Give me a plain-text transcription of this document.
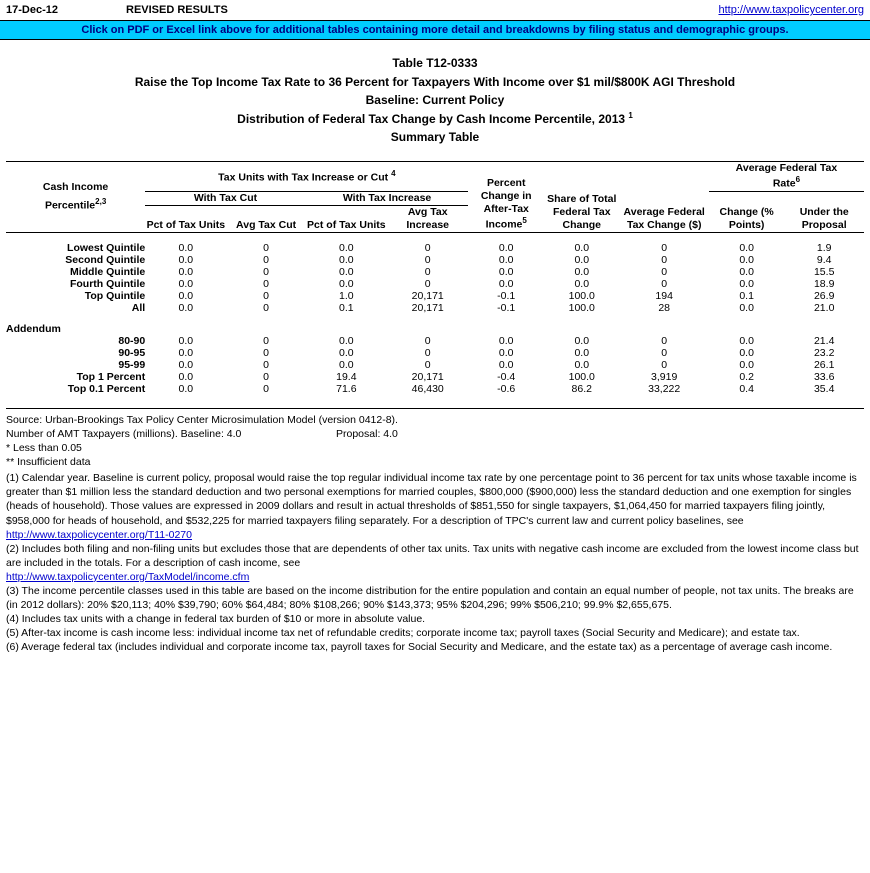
17-Dec-12	REVISED RESULTS	http://www.taxpolicycenter.org
Click on PDF or Excel link above for additional tables containing more detail and breakdowns by filing status and demographic groups.
Table T12-0333
Raise the Top Income Tax Rate to 36 Percent for Taxpayers With Income over $1 mil/$800K AGI Threshold
Baseline: Current Policy
Distribution of Federal Tax Change by Cash Income Percentile, 2013 $^1$
Summary Table
Cash Income
Percentile$^{2,3}$
	Tax Units with Tax Increase or Cut $^4$	
Percent Change in
After-Tax Income$^5$
	Share of Total Federal Tax Change	Average Federal Tax Change ($)	Average Federal Tax
Rate$^6$
	With Tax Cut		With Tax Increase						
	Pct of Tax Units	Avg Tax Cut	Pct of Tax Units	Avg Tax Increase				Change (% Points)	Under the Proposal

Lowest Quintile	0.0	0	0.0	0	0.0	0.0	0	0.0	1.9
Second Quintile	0.0	0	0.0	0	0.0	0.0	0	0.0	9.4
Middle Quintile	0.0	0	0.0	0	0.0	0.0	0	0.0	15.5
Fourth Quintile	0.0	0	0.0	0	0.0	0.0	0	0.0	18.9
Top Quintile	0.0	0	1.0	20,171	-0.1	100.0	194	0.1	26.9
All	0.0	0	0.1	20,171	-0.1	100.0	28	0.0	21.0

Addendum									
80-90	0.0	0	0.0	0	0.0	0.0	0	0.0	21.4
90-95	0.0	0	0.0	0	0.0	0.0	0	0.0	23.2
95-99	0.0	0	0.0	0	0.0	0.0	0	0.0	26.1
Top 1 Percent	0.0	0	19.4	20,171	-0.4	100.0	3,919	0.2	33.6
Top 0.1 Percent	0.0	0	71.6	46,430	-0.6	86.2	33,222	0.4	35.4

Source: Urban-Brookings Tax Policy Center Microsimulation Model (version 0412-8).

Number of AMT Taxpayers (millions). Baseline: 4.0	Proposal: 4.0

* Less than 0.05

** Insufficient data

(1) Calendar year. Baseline is current policy, proposal would raise the top regular individual income tax rate by one percentage point to 36 percent for tax units whose taxable income is greater than $1 million less the standard deduction and two personal exemptions for married couples, $800,000 ($900,000) less the standard deduction and one exemption for singles (heads of household). Those values are expressed in 2009 dollars and result in actual thresholds of $851,550 for single taxpayers, $1,064,450 for married taxpayers filing jointly, $958,000 for heads of household, and $532,225 for married taxpayers filing separately. For a description of TPC's current law and current policy baselines, see

http://www.taxpolicycenter.org/T11-0270

(2) Includes both filing and non-filing units but excludes those that are dependents of other tax units. Tax units with negative cash income are excluded from the lowest income class but are included in the totals. For a description of cash income, see

http://www.taxpolicycenter.org/TaxModel/income.cfm

(3) The income percentile classes used in this table are based on the income distribution for the entire population and contain an equal number of people, not tax units. The breaks are (in 2012 dollars): 20% $20,113; 40% $39,790; 60% $64,484; 80% $108,266; 90% $143,373; 95% $204,296; 99% $506,210; 99.9% $2,655,675.

(4) Includes tax units with a change in federal tax burden of $10 or more in absolute value.

(5) After-tax income is cash income less: individual income tax net of refundable credits; corporate income tax; payroll taxes (Social Security and Medicare); and estate tax.

(6) Average federal tax (includes individual and corporate income tax, payroll taxes for Social Security and Medicare, and the estate tax) as a percentage of average cash income.
